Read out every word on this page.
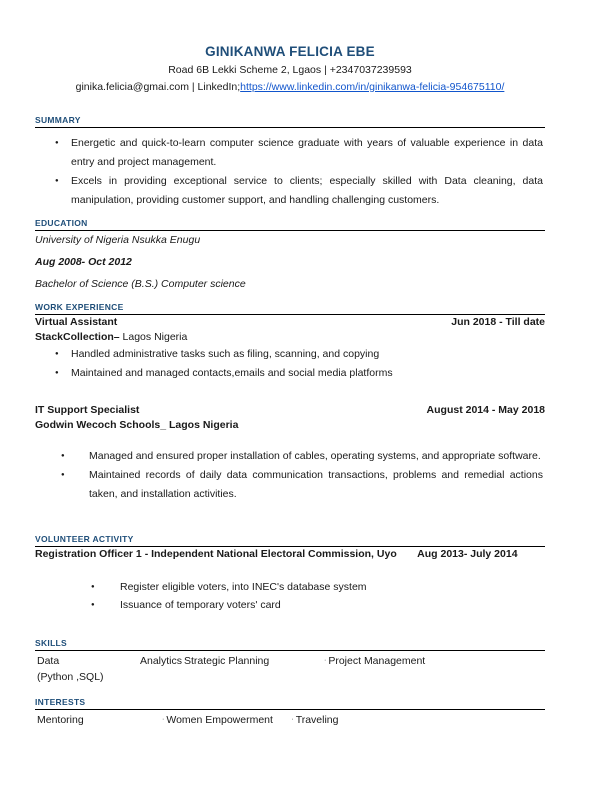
GINIKANWA FELICIA EBE
Road 6B Lekki Scheme 2, Lgaos | +2347037239593
ginika.felicia@gmai.com | LinkedIn;https://www.linkedin.com/in/ginikanwa-felicia-954675110/
SUMMARY
● Energetic and quick-to-learn computer science graduate with years of valuable experience in data entry and project management.
● Excels in providing exceptional service to clients; especially skilled with Data cleaning, data manipulation, providing customer support, and handling challenging customers.
EDUCATION
University of Nigeria Nsukka Enugu
Aug 2008- Oct 2012
Bachelor of Science (B.S.) Computer science
WORK EXPERIENCE
Virtual Assistant	Jun 2018 - Till date
StackCollection– Lagos Nigeria
● Handled administrative tasks such as filing, scanning, and copying
● Maintained and managed contacts,emails and social media platforms
IT Support Specialist	August 2014 - May 2018
Godwin Wecoch Schools_ Lagos Nigeria
● Managed and ensured proper installation of cables, operating systems, and appropriate software.
● Maintained records of daily data communication transactions, problems and remedial actions taken, and installation activities.
VOLUNTEER ACTIVITY
Registration Officer 1 - Independent National Electoral Commission, Uyo Aug 2013- July 2014
● Register eligible voters, into INEC's database system
● Issuance of temporary voters' card
SKILLS
Data Analytics
(Python ,SQL)
Strategic Planning	· Project Management
INTERESTS
Mentoring	· Women Empowerment	· Traveling
